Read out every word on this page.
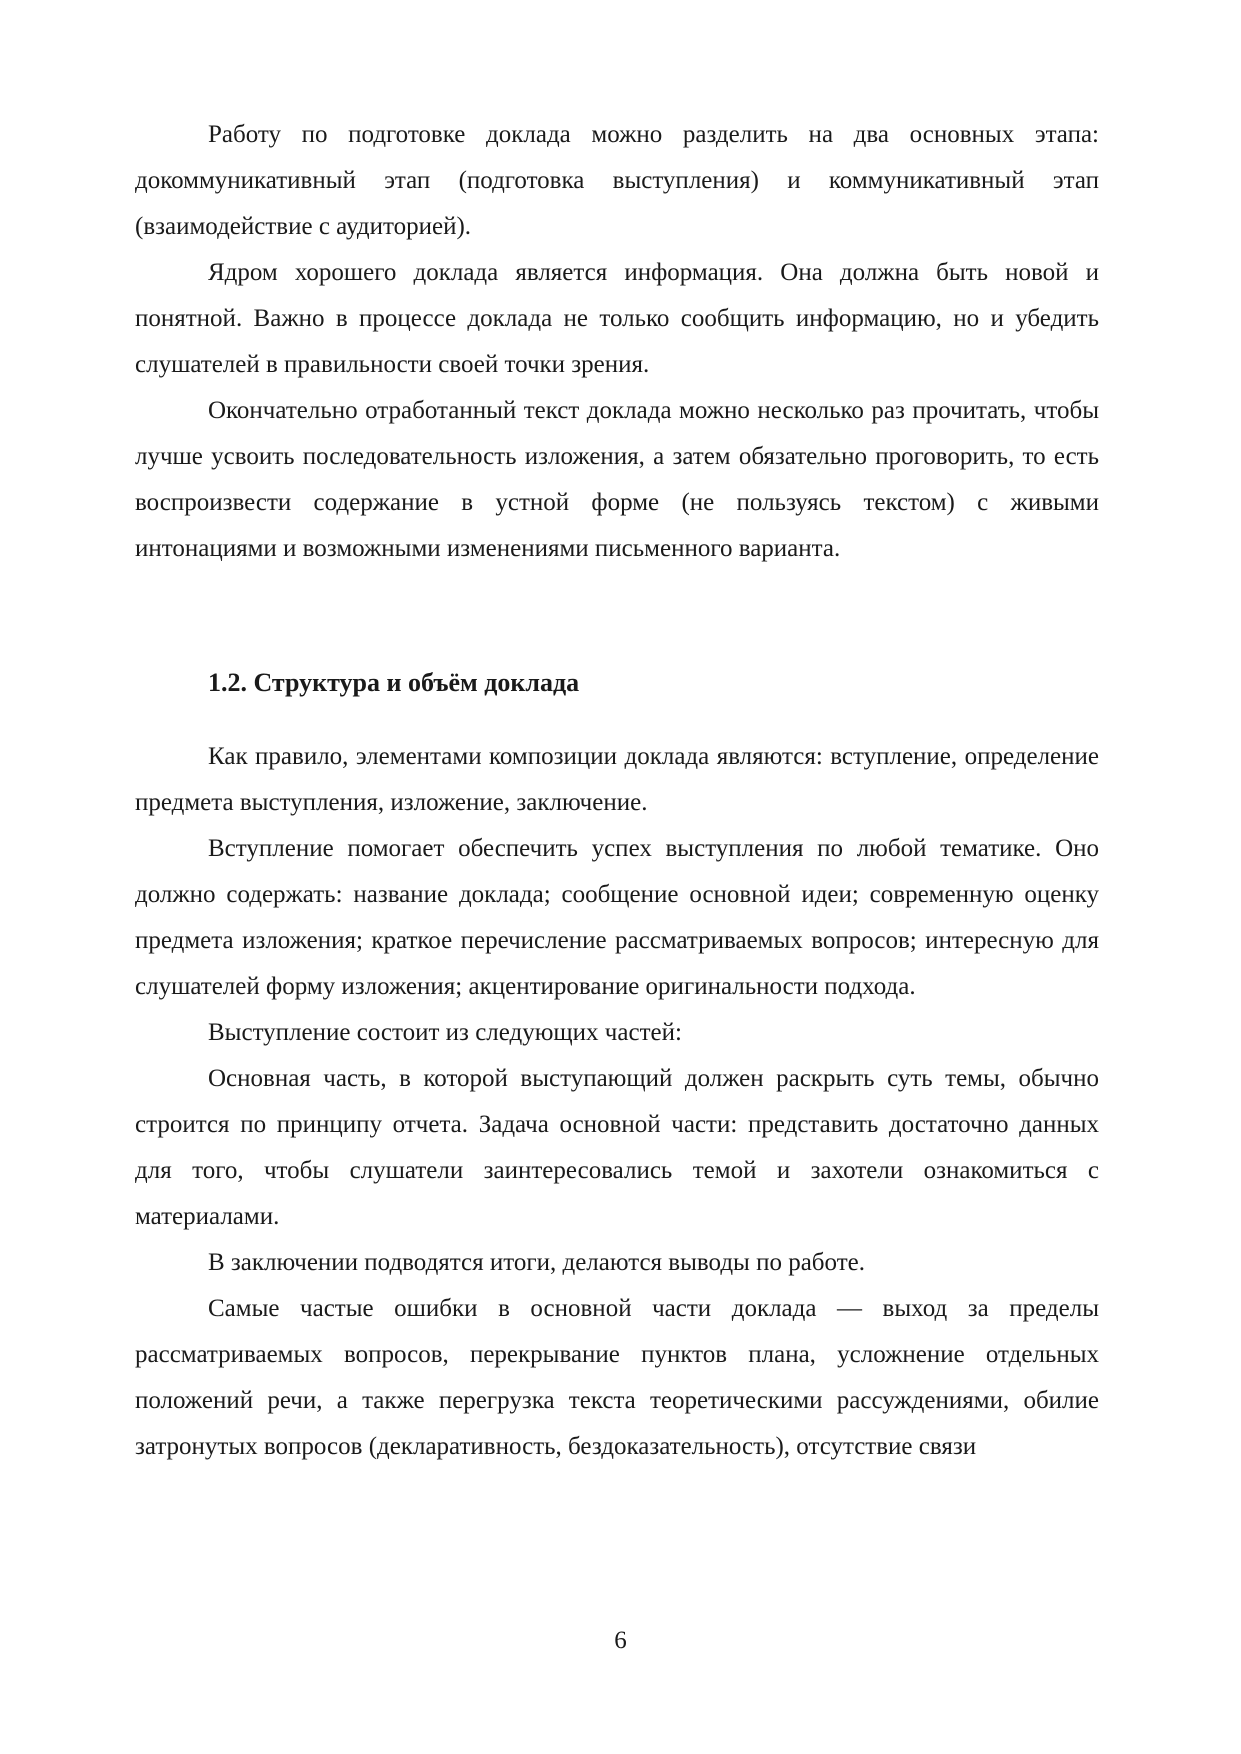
Работу по подготовке доклада можно разделить на два основных этапа: докоммуникативный этап (подготовка выступления) и коммуникативный этап (взаимодействие с аудиторией).

Ядром хорошего доклада является информация. Она должна быть новой и понятной. Важно в процессе доклада не только сообщить информацию, но и убедить слушателей в правильности своей точки зрения.

Окончательно отработанный текст доклада можно несколько раз прочитать, чтобы лучше усвоить последовательность изложения, а затем обязательно проговорить, то есть воспроизвести содержание в устной форме (не пользуясь текстом) с живыми интонациями и возможными изменениями письменного варианта.

1.2. Структура и объём доклада

Как правило, элементами композиции доклада являются: вступление, определение предмета выступления, изложение, заключение.

Вступление помогает обеспечить успех выступления по любой тематике. Оно должно содержать: название доклада; сообщение основной идеи; современную оценку предмета изложения; краткое перечисление рассматриваемых вопросов; интересную для слушателей форму изложения; акцентирование оригинальности подхода.

Выступление состоит из следующих частей:

Основная часть, в которой выступающий должен раскрыть суть темы, обычно строится по принципу отчета. Задача основной части: представить достаточно данных для того, чтобы слушатели заинтересовались темой и захотели ознакомиться с материалами.

В заключении подводятся итоги, делаются выводы по работе.

Самые частые ошибки в основной части доклада — выход за пределы рассматриваемых вопросов, перекрывание пунктов плана, усложнение отдельных положений речи, а также перегрузка текста теоретическими рассуждениями, обилие затронутых вопросов (декларативность, бездоказательность), отсутствие связи

6
